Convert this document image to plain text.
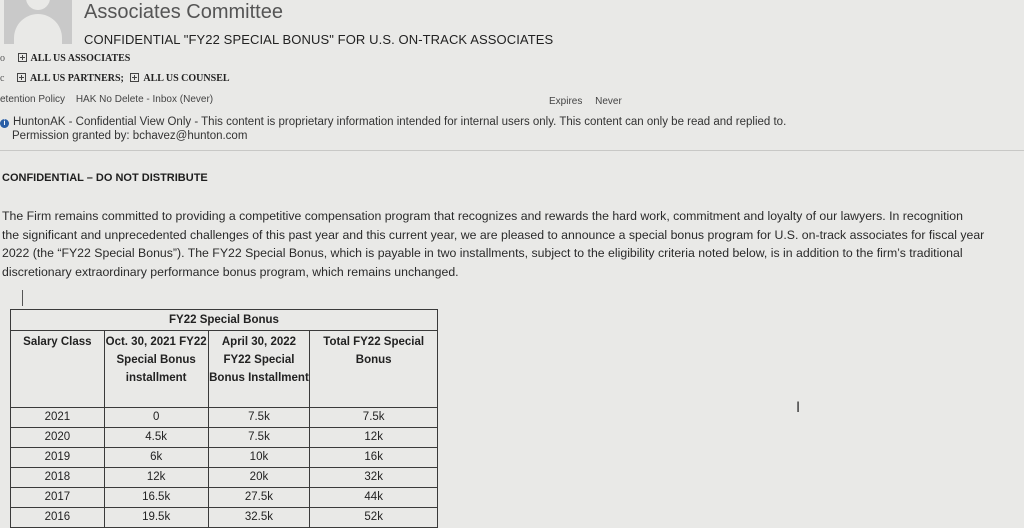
Associates Committee
CONFIDENTIAL "FY22 SPECIAL BONUS" FOR U.S. ON-TRACK ASSOCIATES
o	ALL US ASSOCIATES
c	ALL US PARTNERS; ALL US COUNSEL
etention Policy HAK No Delete - Inbox (Never)	Expires Never
i HuntonAK - Confidential View Only - This content is proprietary information intended for internal users only. This content can only be read and replied to.
Permission granted by: bchavez@hunton.com
CONFIDENTIAL – DO NOT DISTRIBUTE
The Firm remains committed to providing a competitive compensation program that recognizes and rewards the hard work, commitment and loyalty of our lawyers. In recognition
the significant and unprecedented challenges of this past year and this current year, we are pleased to announce a special bonus program for U.S. on-track associates for fiscal year
2022 (the “FY22 Special Bonus”). The FY22 Special Bonus, which is payable in two installments, subject to the eligibility criteria noted below, is in addition to the firm’s traditional
discretionary extraordinary performance bonus program, which remains unchanged.
FY22 Special Bonus			
Salary Class	Oct. 30, 2021 FY22 Special Bonus installment	April 30, 2022 FY22 Special Bonus Installment	Total FY22 Special Bonus
2021	0	7.5k	7.5k
2020	4.5k	7.5k	12k
2019	6k	10k	16k
2018	12k	20k	32k
2017	16.5k	27.5k	44k
2016	19.5k	32.5k	52k
I
